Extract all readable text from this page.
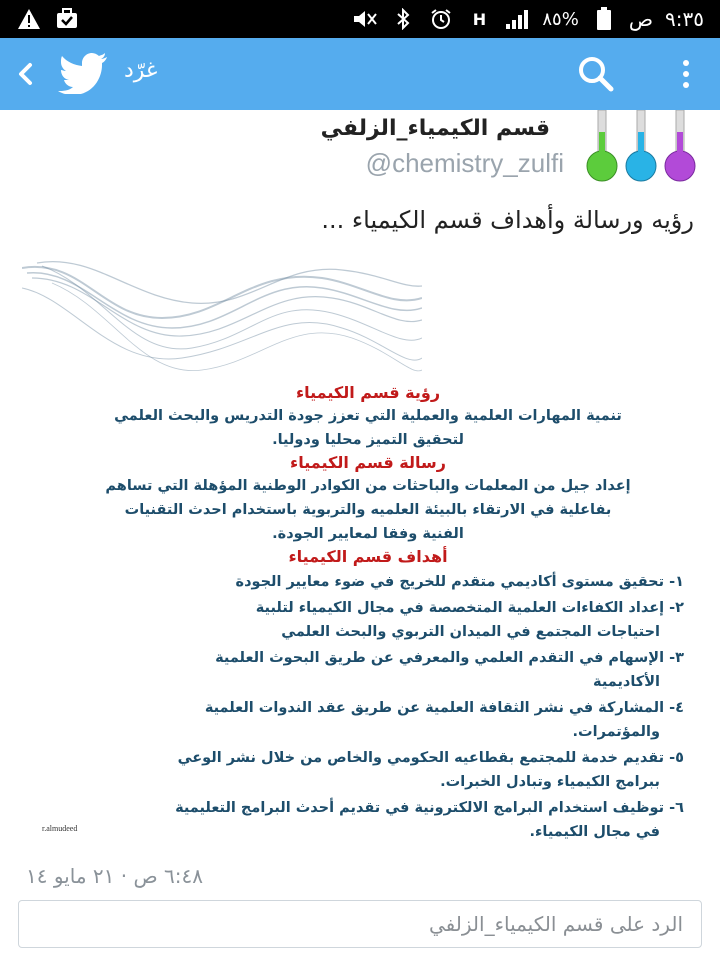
H	٨٥%	ص ٩:٣٥
غرّد
قسم الكيمياء_الزلفي
@chemistry_zulfi
رؤيه ورسالة وأهداف قسم الكيمياء ...
رؤية قسم الكيمياء
تنمية المهارات العلمية والعملية التي تعزز جودة التدريس والبحث العلمي
لتحقيق التميز محليا ودوليا.
رسالة قسم الكيمياء
إعداد جيل من المعلمات والباحثات من الكوادر الوطنية المؤهلة التي تساهم
بفاعلية في الارتقاء بالبيئة العلميه والتربوية باستخدام احدث التقنيات
الفنية وفقا لمعايير الجودة.
أهداف قسم الكيمياء
١- تحقيق مستوى أكاديمي متقدم للخريج في ضوء معايير الجودة
٢- إعداد الكفاءات العلمية المتخصصة في مجال الكيمياء لتلبية
احتياجات المجتمع في الميدان التربوي والبحث العلمي
٣- الإسهام في التقدم العلمي والمعرفي عن طريق البحوث العلمية
الأكاديمية
٤- المشاركة في نشر الثقافة العلمية عن طريق عقد الندوات العلمية
والمؤتمرات.
٥- تقديم خدمة للمجتمع بقطاعيه الحكومي والخاص من خلال نشر الوعي
ببرامج الكيمياء وتبادل الخبرات.
٦- توظيف استخدام البرامج الالكترونية في تقديم أحدث البرامج التعليمية
في مجال الكيمياء.
r.almudeed
٦:٤٨ ص · ٢١ مايو ١٤
الرد على قسم الكيمياء_الزلفي
